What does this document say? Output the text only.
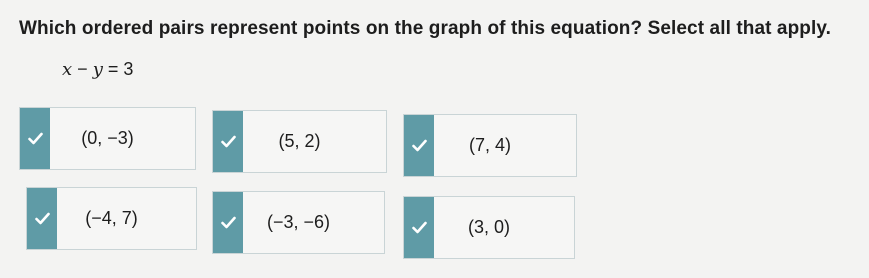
Which ordered pairs represent points on the graph of this equation? Select all that apply.
x − y = 3
(0, −3)	(5, 2)	(7, 4)
(−4, 7)	(−3, −6)	(3, 0)
